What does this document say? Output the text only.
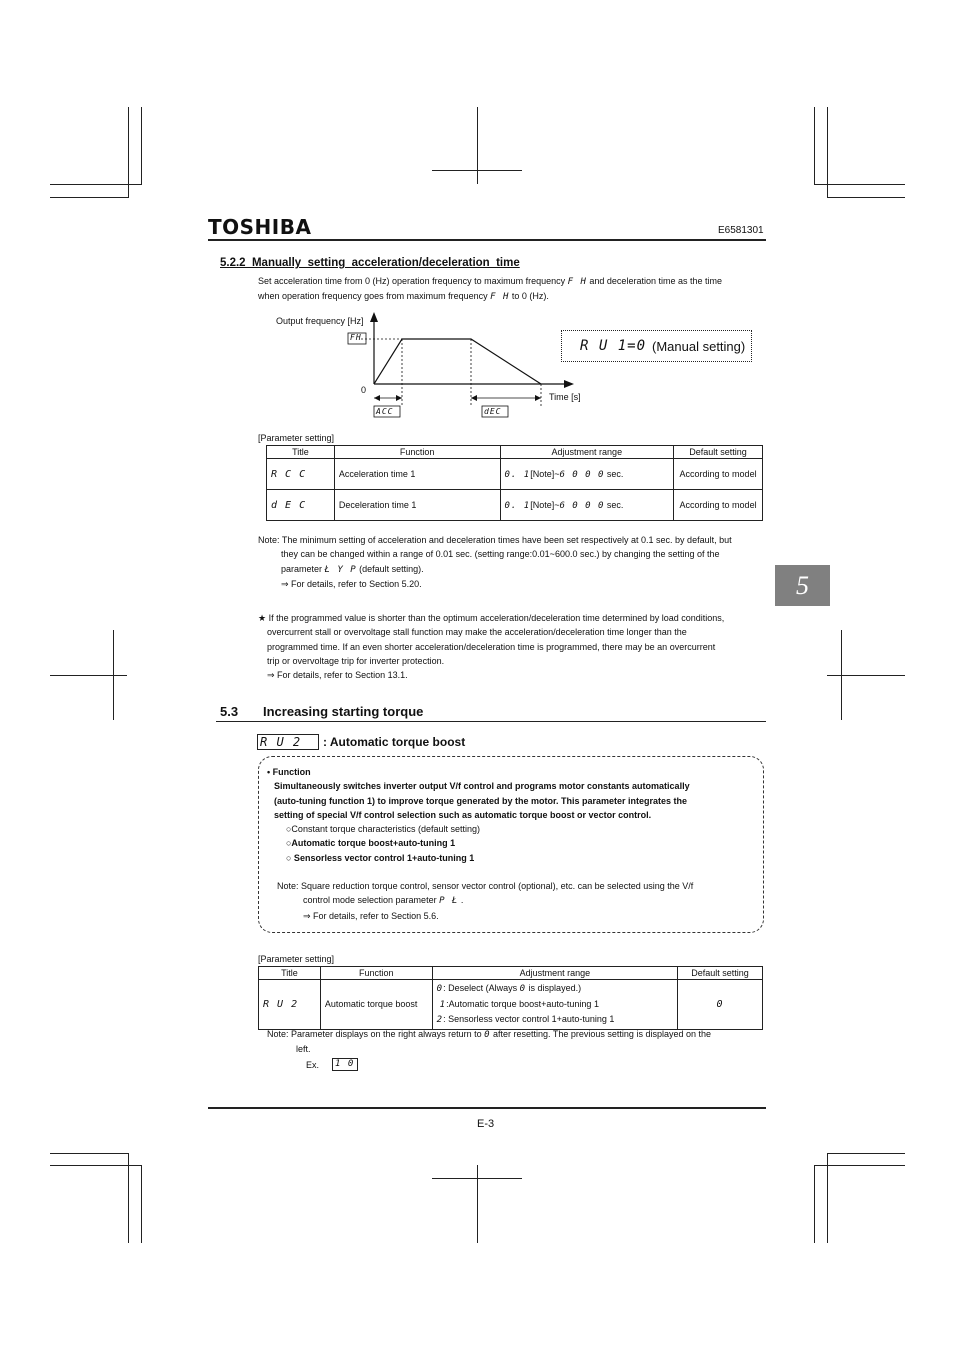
TOSHIBA	E6581301
5
5.2.2  Manually  setting  acceleration/deceleration  time
Set acceleration time from 0 (Hz) operation frequency to maximum frequency F H and deceleration time as the time
when operation frequency goes from maximum frequency F H to 0 (Hz).
Output frequency [Hz]
FH
0
Time [s]
ACC	dEC
R U 1=0 (Manual setting)
[Parameter setting]
Title	Function	Adjustment range	Default setting
R C C	Acceleration time 1	0. 1[Note]~6 0 0 0 sec.	According to model
d E C	Deceleration time 1	0. 1[Note]~6 0 0 0 sec.	According to model
Note: The minimum setting of acceleration and deceleration times have been set respectively at 0.1 sec. by default, but
they can be changed within a range of 0.01 sec. (setting range:0.01~600.0 sec.) by changing the setting of the
parameter Ł Y P (default setting).
⇒ For details, refer to Section 5.20.
★ If the programmed value is shorter than the optimum acceleration/deceleration time determined by load conditions,
overcurrent stall or overvoltage stall function may make the acceleration/deceleration time longer than the
programmed time. If an even shorter acceleration/deceleration time is programmed, there may be an overcurrent
trip or overvoltage trip for inverter protection.
⇒ For details, refer to Section 13.1.
5.3 Increasing starting torque
R U 2	: Automatic torque boost
• Function
Simultaneously switches inverter output V/f control and programs motor constants automatically
(auto-tuning function 1) to improve torque generated by the motor. This parameter integrates the
setting of special V/f control selection such as automatic torque boost or vector control.
○Constant torque characteristics (default setting)
○Automatic torque boost+auto-tuning 1
○ Sensorless vector control 1+auto-tuning 1
Note: Square reduction torque control, sensor vector control (optional), etc. can be selected using the V/f
control mode selection parameter P Ł .
⇒ For details, refer to Section 5.6.
[Parameter setting]
Title	Function	Adjustment range	Default setting
R U 2	Automatic torque boost	0: Deselect (Always 0 is displayed.)
1:Automatic torque boost+auto-tuning 1
2: Sensorless vector control 1+auto-tuning 1	0
Note: Parameter displays on the right always return to 0 after resetting. The previous setting is displayed on the
left.
Ex.	1 0
E-3
